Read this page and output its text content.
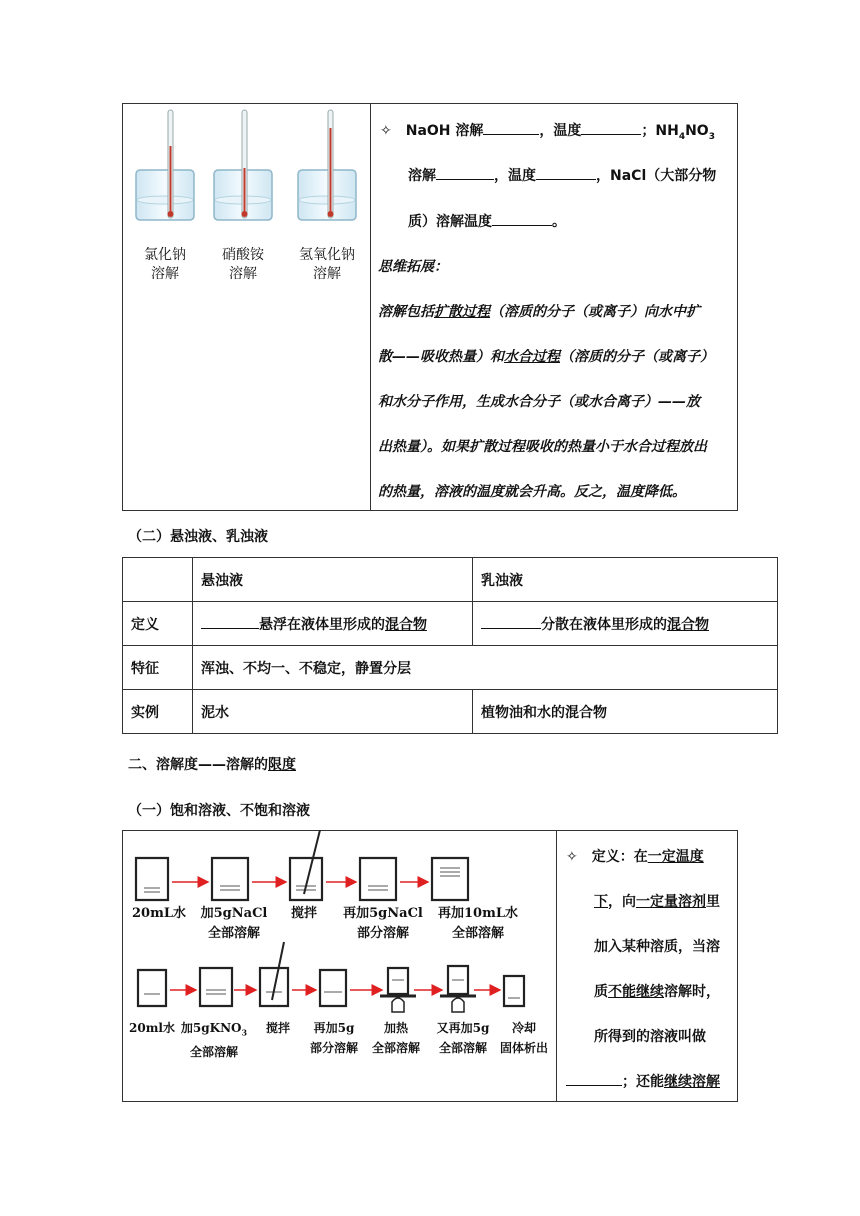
氯化钠
溶解
硝酸铵
溶解
氢氧化钠
溶解
✧ NaOH 溶解	，温度	；$NH_4NO_3$
溶解	，温度	，NaCl（大部分物
质）溶解温度	。
思维拓展：
溶解包括扩散过程（溶质的分子（或离子）向水中扩
散——吸收热量）和水合过程（溶质的分子（或离子）
和水分子作用，生成水合分子（或水合离子）——放
出热量）。如果扩散过程吸收的热量小于水合过程放出
的热量，溶液的温度就会升高。反之，温度降低。
（二）悬浊液、乳浊液
	悬浊液	乳浊液
定义	悬浮在液体里形成的混合物	分散在液体里形成的混合物
特征	浑浊、不均一、不稳定，静置分层	
实例	泥水	植物油和水的混合物
二、溶解度——溶解的限度
（一）饱和溶液、不饱和溶液
20mL水	加5gNaCl
全部溶解
搅拌	再加5gNaCl
部分溶解
再加10mL水
全部溶解
20ml水 加5gKNO$_3$
全部溶解
搅拌	再加5g
部分溶解
加热
全部溶解
又再加5g
全部溶解
冷却
固体析出
✧ 定义：在一定温度
下，向一定量溶剂里
加入某种溶质，当溶
质不能继续溶解时，
所得到的溶液叫做
；还能继续溶解
